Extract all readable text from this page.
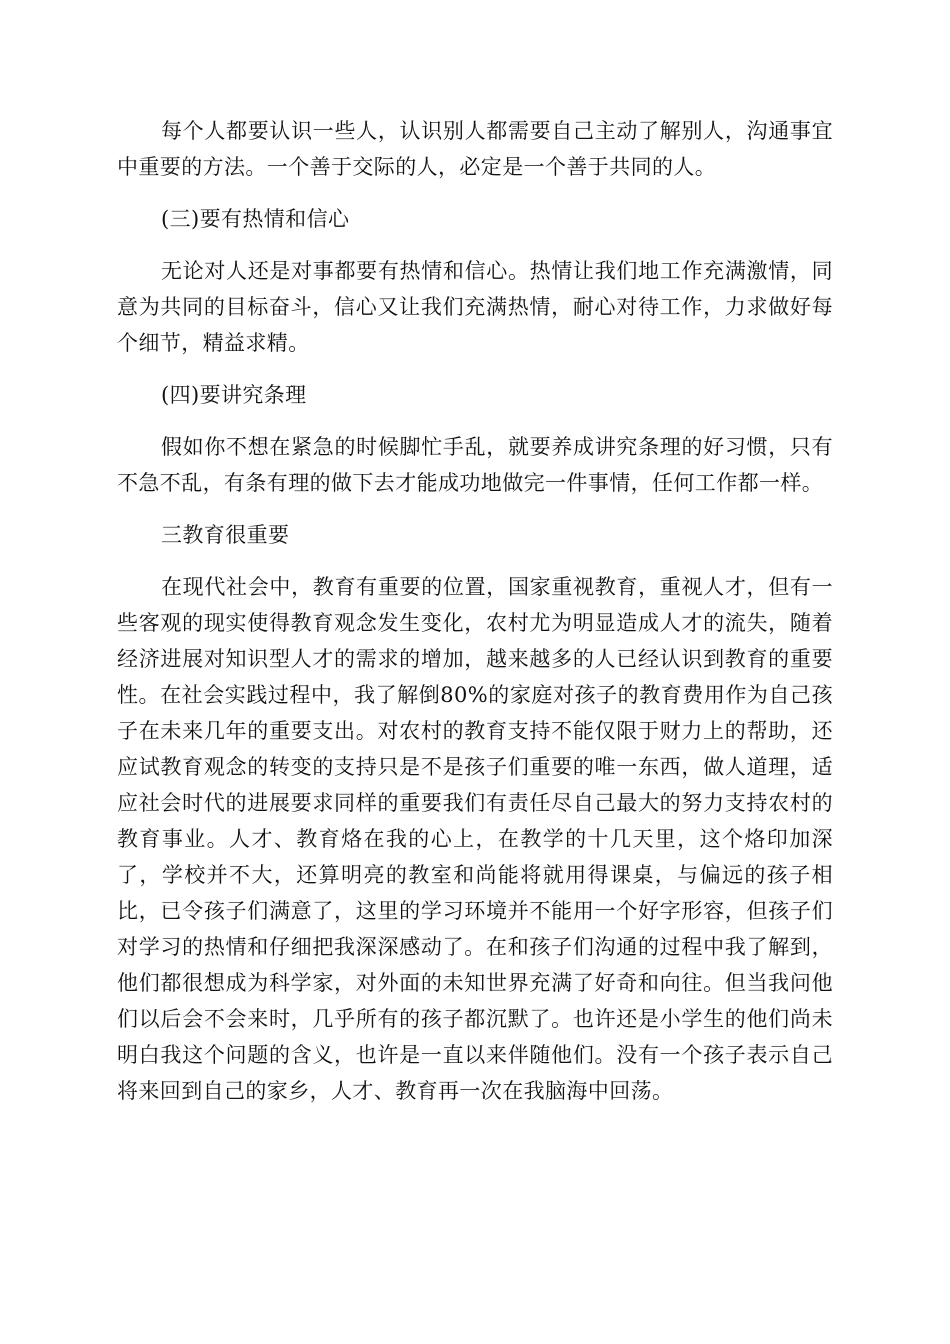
每个人都要认识一些人，认识别人都需要自己主动了解别人，沟通事宜中重要的方法。一个善于交际的人，必定是一个善于共同的人。

(三)要有热情和信心

无论对人还是对事都要有热情和信心。热情让我们地工作充满激情，同意为共同的目标奋斗，信心又让我们充满热情，耐心对待工作，力求做好每个细节，精益求精。

(四)要讲究条理

假如你不想在紧急的时候脚忙手乱，就要养成讲究条理的好习惯，只有不急不乱，有条有理的做下去才能成功地做完一件事情，任何工作都一样。

三教育很重要

在现代社会中，教育有重要的位置，国家重视教育，重视人才，但有一些客观的现实使得教育观念发生变化，农村尤为明显造成人才的流失，随着经济进展对知识型人才的需求的增加，越来越多的人已经认识到教育的重要性。在社会实践过程中，我了解倒80%的家庭对孩子的教育费用作为自己孩子在未来几年的重要支出。对农村的教育支持不能仅限于财力上的帮助，还应试教育观念的转变的支持只是不是孩子们重要的唯一东西，做人道理，适应社会时代的进展要求同样的重要我们有责任尽自己最大的努力支持农村的教育事业。人才、教育烙在我的心上，在教学的十几天里，这个烙印加深了，学校并不大，还算明亮的教室和尚能将就用得课桌，与偏远的孩子相比，已令孩子们满意了，这里的学习环境并不能用一个好字形容，但孩子们对学习的热情和仔细把我深深感动了。在和孩子们沟通的过程中我了解到，他们都很想成为科学家，对外面的未知世界充满了好奇和向往。但当我问他们以后会不会来时，几乎所有的孩子都沉默了。也许还是小学生的他们尚未明白我这个问题的含义，也许是一直以来伴随他们。没有一个孩子表示自己将来回到自己的家乡，人才、教育再一次在我脑海中回荡。
